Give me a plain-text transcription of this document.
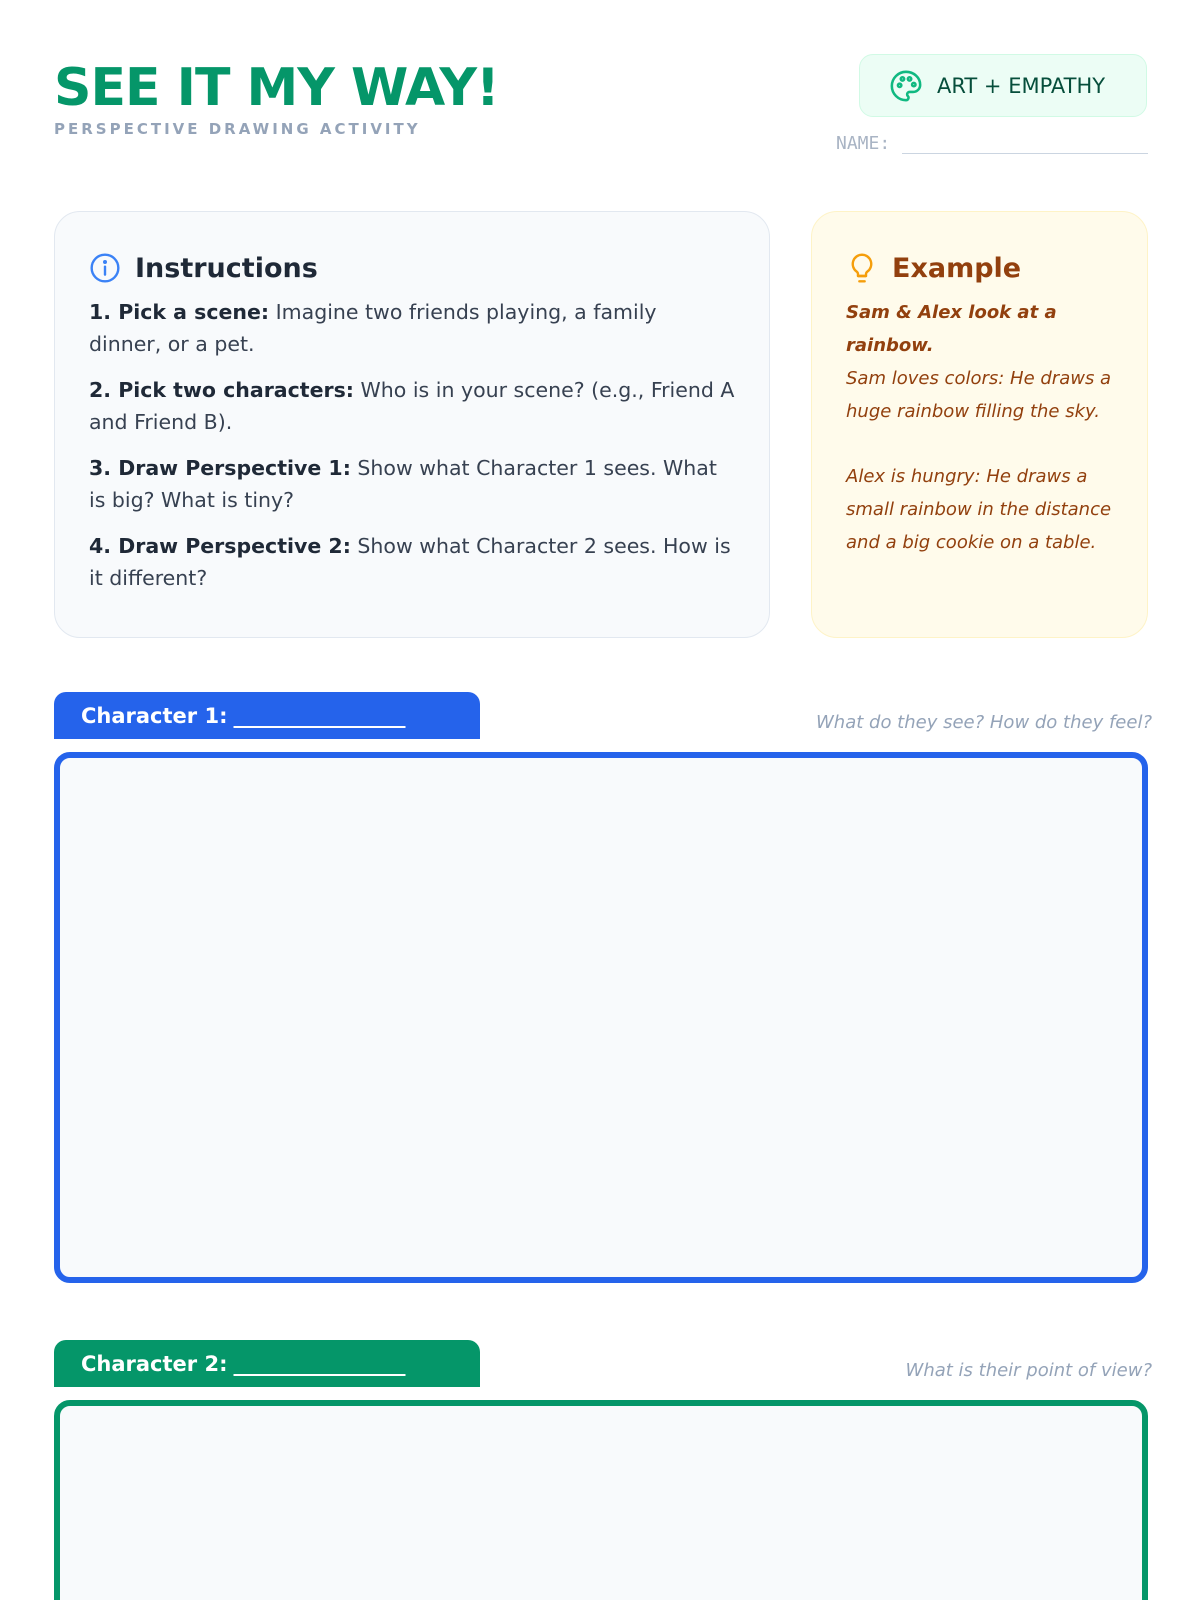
SEE IT MY WAY!
PERSPECTIVE DRAWING ACTIVITY
ART + EMPATHY
NAME:
Instructions
1. Pick a scene: Imagine two friends playing, a family dinner, or a pet.
2. Pick two characters: Who is in your scene? (e.g., Friend A and Friend B).
3. Draw Perspective 1: Show what Character 1 sees. What is big? What is tiny?
4. Draw Perspective 2: Show what Character 2 sees. How is it different?
Example
Sam & Alex look at a rainbow.
Sam loves colors: He draws a huge rainbow filling the sky.
Alex is hungry: He draws a small rainbow in the distance and a big cookie on a table.
Character 1: ____________________	What do they see? How do they feel?
Character 2: ____________________	What is their point of view?
